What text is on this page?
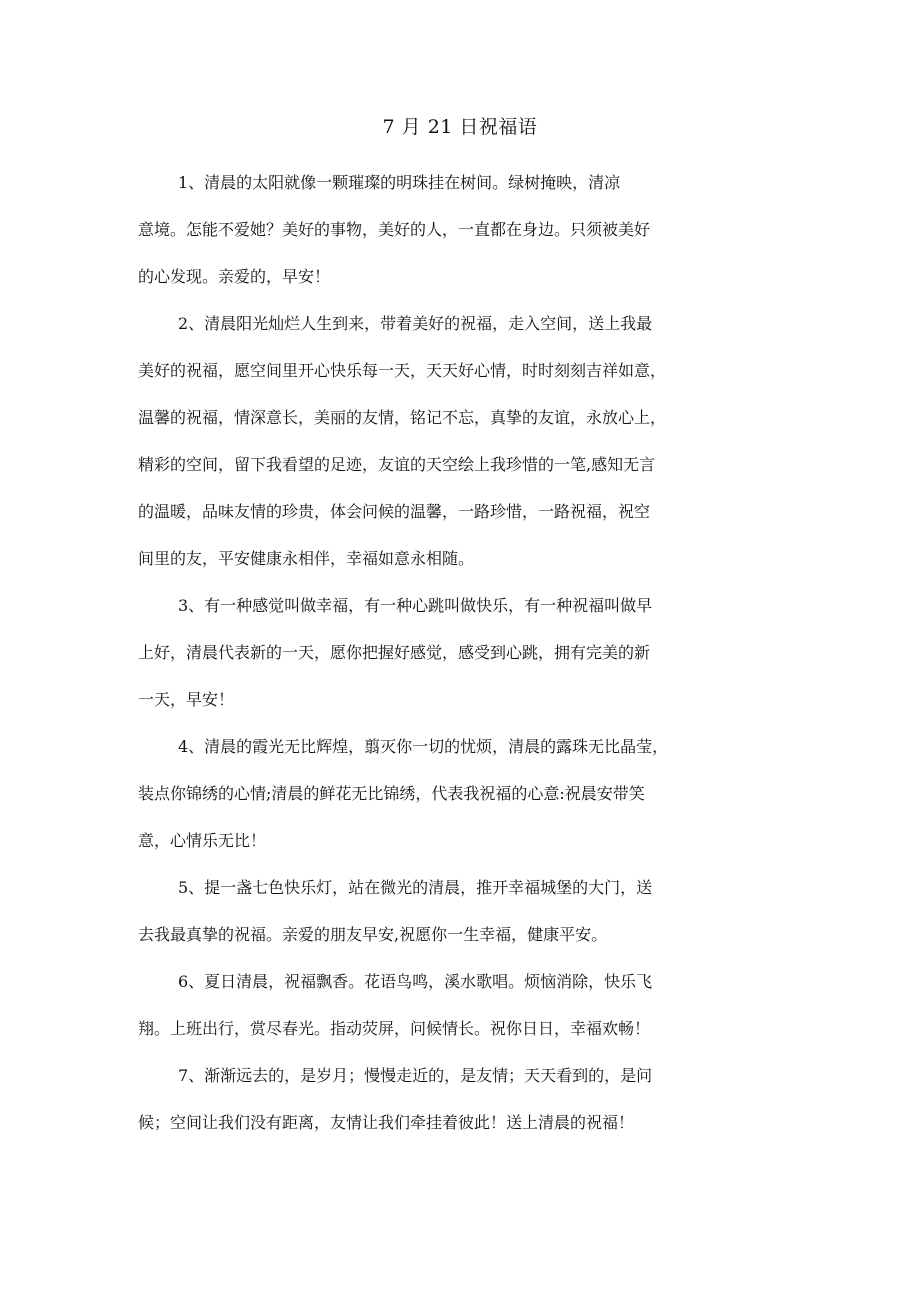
7 月 21 日祝福语
1、清晨的太阳就像一颗璀璨的明珠挂在树间。绿树掩映，清凉
意境。怎能不爱她？美好的事物，美好的人，一直都在身边。只须被美好
的心发现。亲爱的，早安！
2、清晨阳光灿烂人生到来，带着美好的祝福，走入空间，送上我最
美好的祝福，愿空间里开心快乐每一天，天天好心情，时时刻刻吉祥如意，
温馨的祝福，情深意长，美丽的友情，铭记不忘，真挚的友谊，永放心上，
精彩的空间，留下我看望的足迹，友谊的天空绘上我珍惜的一笔,感知无言
的温暖，品味友情的珍贵，体会问候的温馨，一路珍惜，一路祝福，祝空
间里的友，平安健康永相伴，幸福如意永相随。
3、有一种感觉叫做幸福，有一种心跳叫做快乐，有一种祝福叫做早
上好，清晨代表新的一天，愿你把握好感觉，感受到心跳，拥有完美的新
一天，早安！
4、清晨的霞光无比辉煌，翦灭你一切的忧烦，清晨的露珠无比晶莹，
装点你锦绣的心情;清晨的鲜花无比锦绣，代表我祝福的心意:祝晨安带笑
意，心情乐无比！
5、提一盏七色快乐灯，站在微光的清晨，推开幸福城堡的大门，送
去我最真挚的祝福。亲爱的朋友早安,祝愿你一生幸福，健康平安。
6、夏日清晨，祝福飘香。花语鸟鸣，溪水歌唱。烦恼消除，快乐飞
翔。上班出行，赏尽春光。指动荧屏，问候情长。祝你日日，幸福欢畅！
7、渐渐远去的，是岁月；慢慢走近的，是友情；天天看到的，是问
候；空间让我们没有距离，友情让我们牵挂着彼此！送上清晨的祝福！
